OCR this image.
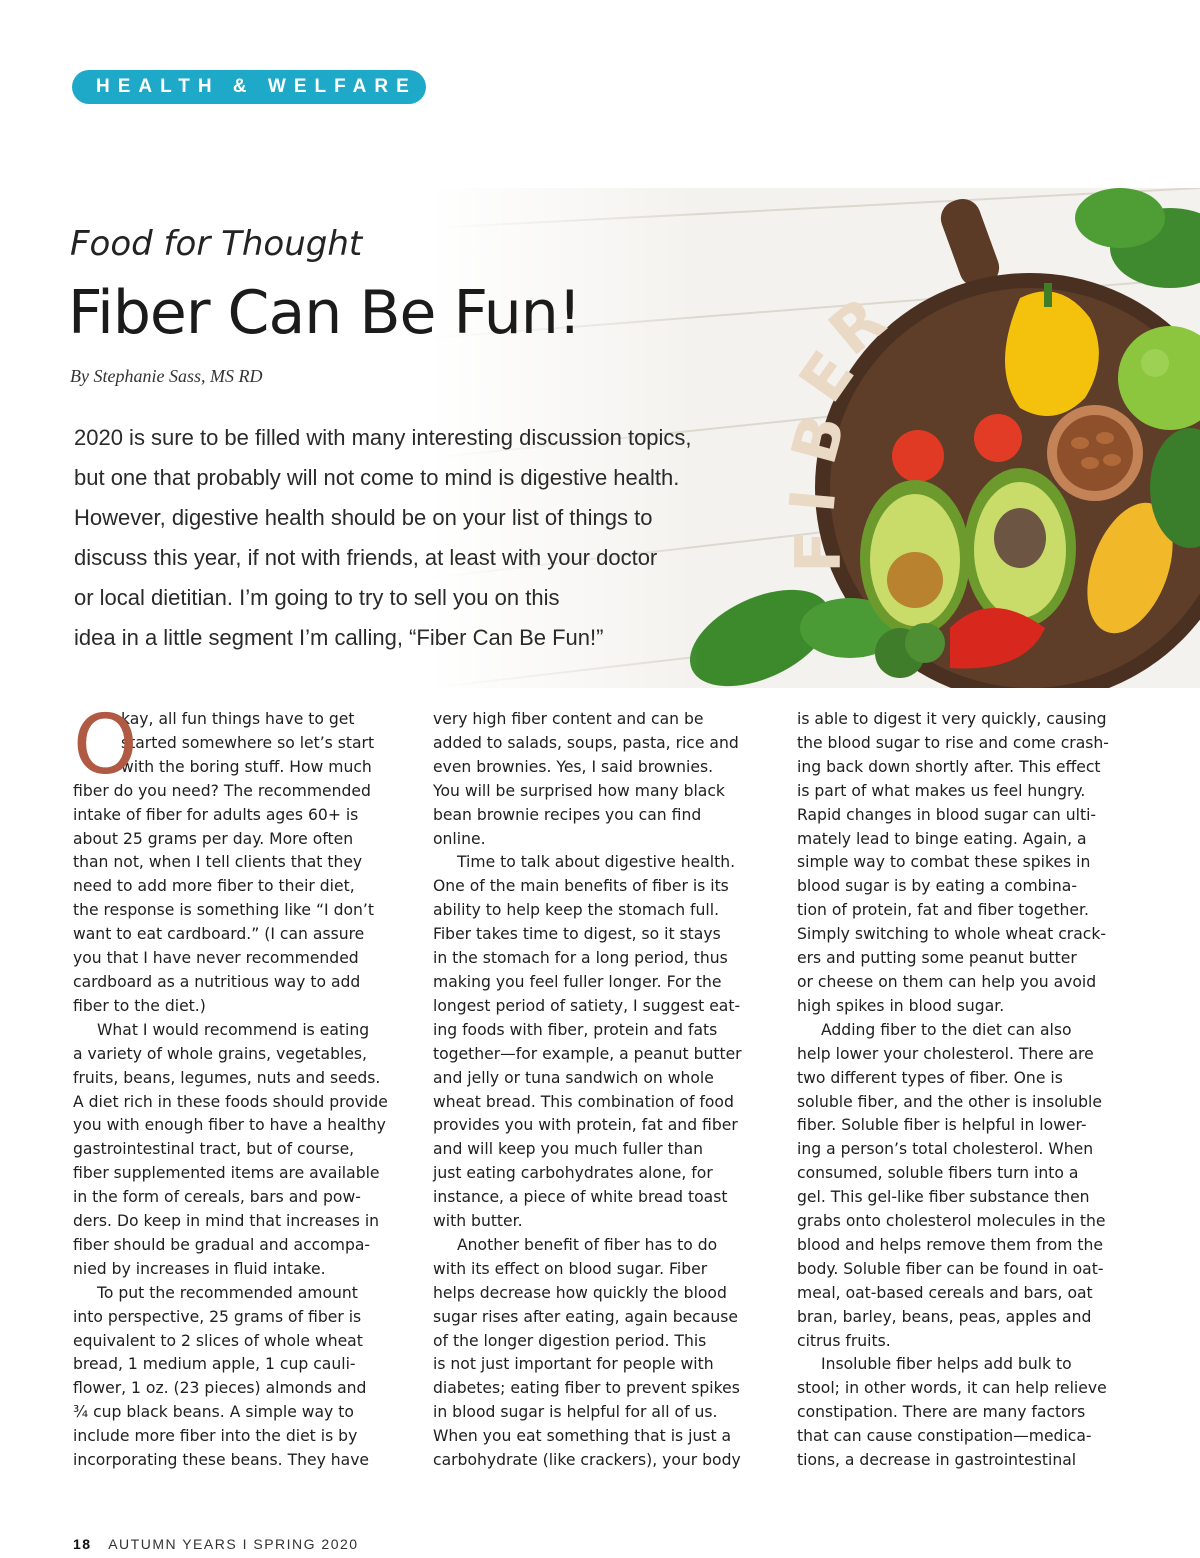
HEALTH & WELFARE
Food for Thought
Fiber Can Be Fun!
By Stephanie Sass, MS RD
2020 is sure to be filled with many interesting discussion topics,
but one that probably will not come to mind is digestive health.
However, digestive health should be on your list of things to
discuss this year, if not with friends, at least with your doctor
or local dietitian. I’m going to try to sell you on this
idea in a little segment I’m calling, “Fiber Can Be Fun!”
O
kay, all fun things have to get
started somewhere so let’s start
with the boring stuff. How much
fiber do you need? The recommended
intake of fiber for adults ages 60+ is
about 25 grams per day. More often
than not, when I tell clients that they
need to add more fiber to their diet,
the response is something like “I don’t
want to eat cardboard.” (I can assure
you that I have never recommended
cardboard as a nutritious way to add
fiber to the diet.)
What I would recommend is eating
a variety of whole grains, vegetables,
fruits, beans, legumes, nuts and seeds.
A diet rich in these foods should provide
you with enough fiber to have a healthy
gastrointestinal tract, but of course,
fiber supplemented items are available
in the form of cereals, bars and pow-
ders. Do keep in mind that increases in
fiber should be gradual and accompa-
nied by increases in fluid intake.
To put the recommended amount
into perspective, 25 grams of fiber is
equivalent to 2 slices of whole wheat
bread, 1 medium apple, 1 cup cauli-
flower, 1 oz. (23 pieces) almonds and
¾ cup black beans. A simple way to
include more fiber into the diet is by
incorporating these beans. They have
very high fiber content and can be
added to salads, soups, pasta, rice and
even brownies. Yes, I said brownies.
You will be surprised how many black
bean brownie recipes you can find
online.
Time to talk about digestive health.
One of the main benefits of fiber is its
ability to help keep the stomach full.
Fiber takes time to digest, so it stays
in the stomach for a long period, thus
making you feel fuller longer. For the
longest period of satiety, I suggest eat-
ing foods with fiber, protein and fats
together—for example, a peanut butter
and jelly or tuna sandwich on whole
wheat bread. This combination of food
provides you with protein, fat and fiber
and will keep you much fuller than
just eating carbohydrates alone, for
instance, a piece of white bread toast
with butter.
Another benefit of fiber has to do
with its effect on blood sugar. Fiber
helps decrease how quickly the blood
sugar rises after eating, again because
of the longer digestion period. This
is not just important for people with
diabetes; eating fiber to prevent spikes
in blood sugar is helpful for all of us.
When you eat something that is just a
carbohydrate (like crackers), your body
is able to digest it very quickly, causing
the blood sugar to rise and come crash-
ing back down shortly after. This effect
is part of what makes us feel hungry.
Rapid changes in blood sugar can ulti-
mately lead to binge eating. Again, a
simple way to combat these spikes in
blood sugar is by eating a combina-
tion of protein, fat and fiber together.
Simply switching to whole wheat crack-
ers and putting some peanut butter
or cheese on them can help you avoid
high spikes in blood sugar.
Adding fiber to the diet can also
help lower your cholesterol. There are
two different types of fiber. One is
soluble fiber, and the other is insoluble
fiber. Soluble fiber is helpful in lower-
ing a person’s total cholesterol. When
consumed, soluble fibers turn into a
gel. This gel-like fiber substance then
grabs onto cholesterol molecules in the
blood and helps remove them from the
body. Soluble fiber can be found in oat-
meal, oat-based cereals and bars, oat
bran, barley, beans, peas, apples and
citrus fruits.
Insoluble fiber helps add bulk to
stool; in other words, it can help relieve
constipation. There are many factors
that can cause constipation—medica-
tions, a decrease in gastrointestinal
18 AUTUMN YEARS I SPRING 2020
